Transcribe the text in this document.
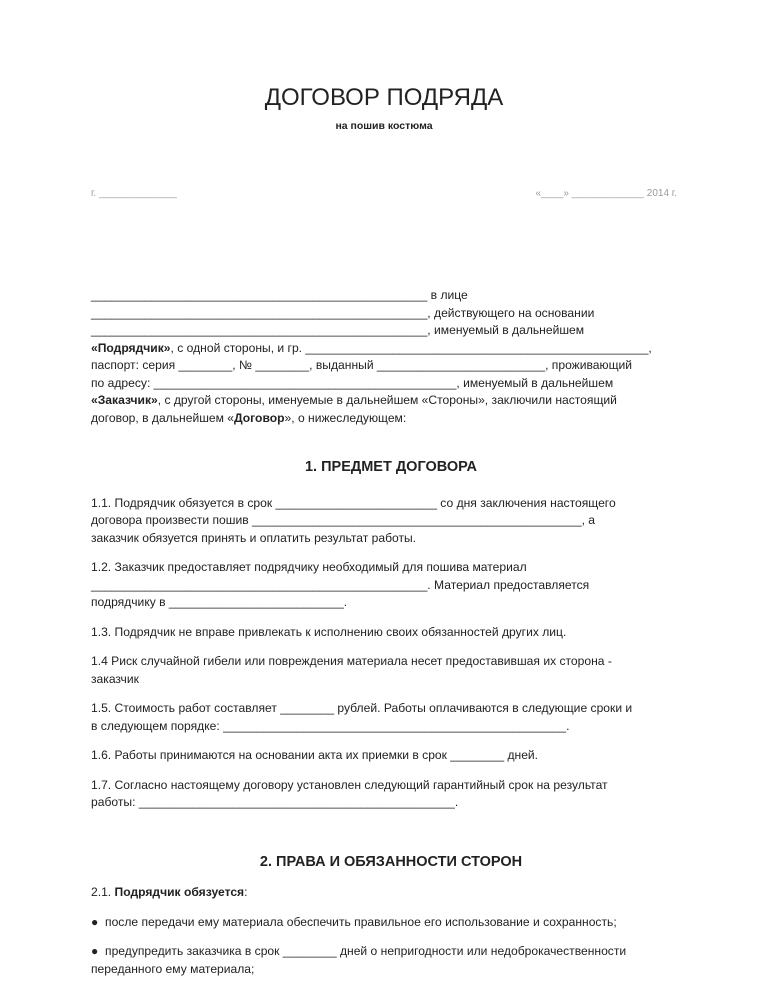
ДОГОВОР ПОДРЯДА
на пошив костюма
г. ______________	«____» _____________ 2014 г.

__________________________________________________ в лице

__________________________________________________, действующего на основании

__________________________________________________, именуемый в дальнейшем

«Подрядчик», с одной стороны, и гр. ___________________________________________________,

паспорт: серия ________, № ________, выданный _________________________, проживающий

по адресу: _____________________________________________, именуемый в дальнейшем

«Заказчик», с другой стороны, именуемые в дальнейшем «Стороны», заключили настоящий

договор, в дальнейшем «Договор», о нижеследующем:

1. ПРЕДМЕТ ДОГОВОРА

1.1. Подрядчик обязуется в срок ________________________ со дня заключения настоящего

договора произвести пошив _________________________________________________, а

заказчик обязуется принять и оплатить результат работы.

1.2. Заказчик предоставляет подрядчику необходимый для пошива материал

__________________________________________________. Материал предоставляется

подрядчику в __________________________.

1.3. Подрядчик не вправе привлекать к исполнению своих обязанностей других лиц.

1.4 Риск случайной гибели или повреждения материала несет предоставившая их сторона -

заказчик

1.5. Стоимость работ составляет ________ рублей. Работы оплачиваются в следующие сроки и

в следующем порядке: ___________________________________________________.

1.6. Работы принимаются на основании акта их приемки в срок ________ дней.

1.7. Согласно настоящему договору установлен следующий гарантийный срок на результат

работы: _______________________________________________.

2. ПРАВА И ОБЯЗАННОСТИ СТОРОН

2.1. Подрядчик обязуется:

●  после передачи ему материала обеспечить правильное его использование и сохранность;

●  предупредить заказчика в срок ________ дней о непригодности или недоброкачественности

переданного ему материала;
